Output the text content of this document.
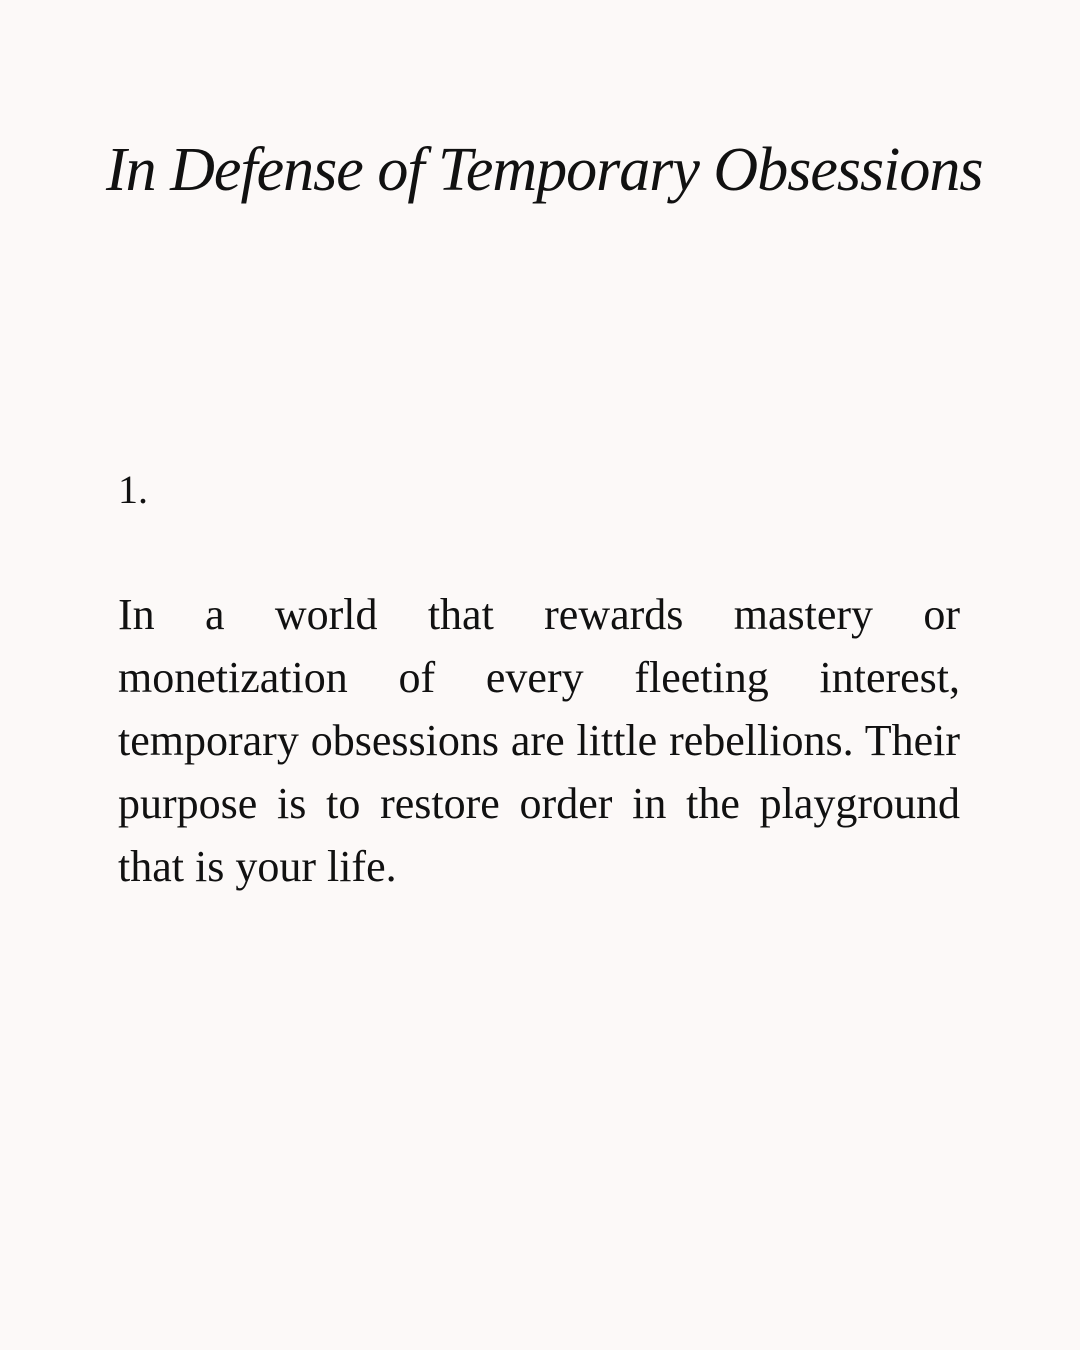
In Defense of Temporary Obsessions

1.

In a world that rewards mastery or monetization of every fleeting interest, temporary obsessions are little rebellions. Their purpose is to restore order in the playground that is your life.
